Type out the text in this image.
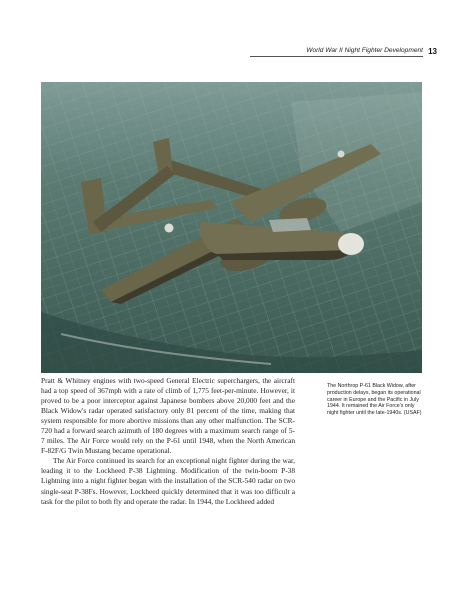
World War II Night Fighter Development 13

Pratt & Whitney engines with two-speed General Electric superchargers, the aircraft had a top speed of 367mph with a rate of climb of 1,775 feet-per-minute. However, it proved to be a poor interceptor against Japanese bombers above 20,000 feet and the Black Widow's radar operated satisfactory only 81 percent of the time, making that system responsible for more abortive missions than any other malfunction. The SCR-720 had a forward search azimuth of 180 degrees with a maximum search range of 5-7 miles. The Air Force would rely on the P-61 until 1948, when the North American F-82F/G Twin Mustang became operational.

The Air Force continued its search for an exceptional night fighter during the war, leading it to the Lockheed P-38 Lightning. Modification of the twin-boom P-38 Lightning into a night fighter began with the installation of the SCR-540 radar on two single-seat P-38Fs. However, Lockheed quickly determined that it was too difficult a task for the pilot to both fly and operate the radar. In 1944, the Lockheed added

The Northrop P-61 Black Widow, after production delays, began its operational career in Europe and the Pacific in July 1944. It remained the Air Force's only night fighter until the late-1940s. (USAF)
